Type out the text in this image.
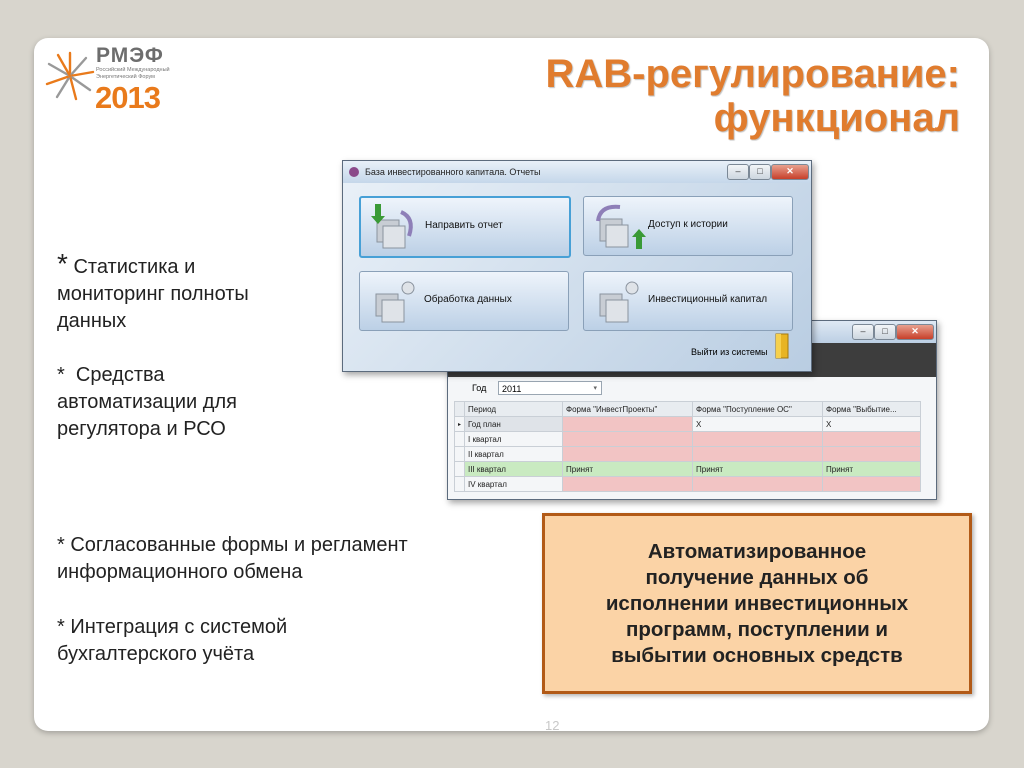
РМЭФ
Российский Международный
Энергетический Форум
2013
RAB-регулирование:
функционал
* Статистика и
мониторинг полноты
данных
* Средства
автоматизации для
регулятора и РСО
* Согласованные формы и регламент
информационного обмена
* Интеграция с системой
бухгалтерского учёта
–	□	✕
Год	2011	▾
	Период	Форма "ИнвестПроекты"	Форма "Поступление ОС"	Форма "Выбытие...
▸	Год план		X	X
	I квартал			
	II квартал			
	III квартал	Принят	Принят	Принят
	IV квартал			
База инвестированного капитала. Отчеты	–	□	✕
Направить отчет	Доступ к истории
Обработка данных	Инвестиционный капитал
Выйти из системы
Автоматизированное
получение данных об
исполнении инвестиционных
программ, поступлении и
выбытии основных средств
12
